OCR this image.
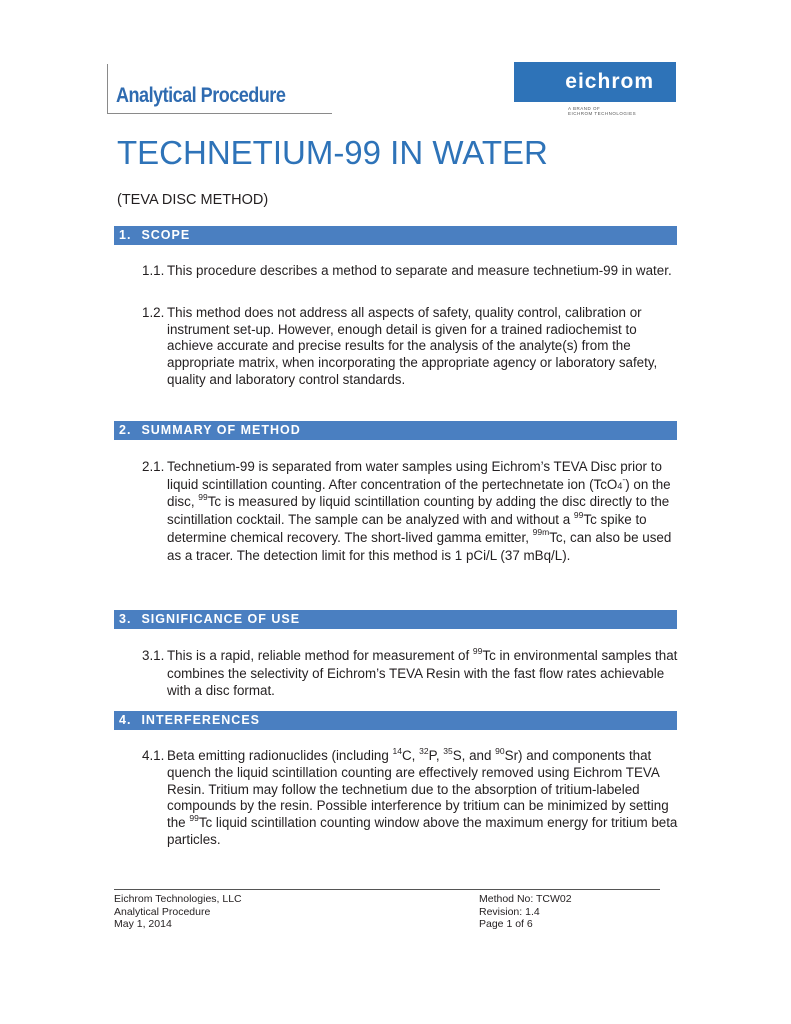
Analytical Procedure
eichrom
A BRAND OF
EICHROM TECHNOLOGIES
TECHNETIUM-99 IN WATER
(TEVA DISC METHOD)
1. SCOPE
1.1. This procedure describes a method to separate and measure technetium-99 in water.
1.2. This method does not address all aspects of safety, quality control, calibration or instrument set-up. However, enough detail is given for a trained radiochemist to achieve accurate and precise results for the analysis of the analyte(s) from the appropriate matrix, when incorporating the appropriate agency or laboratory safety, quality and laboratory control standards.
2. SUMMARY OF METHOD
2.1. Technetium-99 is separated from water samples using Eichrom’s TEVA Disc prior to liquid scintillation counting. After concentration of the pertechnetate ion (TcO4-) on the disc, $^{99}$Tc is measured by liquid scintillation counting by adding the disc directly to the scintillation cocktail. The sample can be analyzed with and without a $^{99}$Tc spike to determine chemical recovery. The short-lived gamma emitter, $^{99m}$Tc, can also be used as a tracer. The detection limit for this method is 1 pCi/L (37 mBq/L).
3. SIGNIFICANCE OF USE
3.1. This is a rapid, reliable method for measurement of $^{99}$Tc in environmental samples that combines the selectivity of Eichrom’s TEVA Resin with the fast flow rates achievable with a disc format.
4. INTERFERENCES
4.1. Beta emitting radionuclides (including $^{14}$C, $^{32}$P, $^{35}$S, and $^{90}$Sr) and components that quench the liquid scintillation counting are effectively removed using Eichrom TEVA Resin. Tritium may follow the technetium due to the absorption of tritium-labeled compounds by the resin. Possible interference by tritium can be minimized by setting the $^{99}$Tc liquid scintillation counting window above the maximum energy for tritium beta particles.
Eichrom Technologies, LLC
Analytical Procedure
May 1, 2014
Method No: TCW02
Revision: 1.4
Page 1 of 6
